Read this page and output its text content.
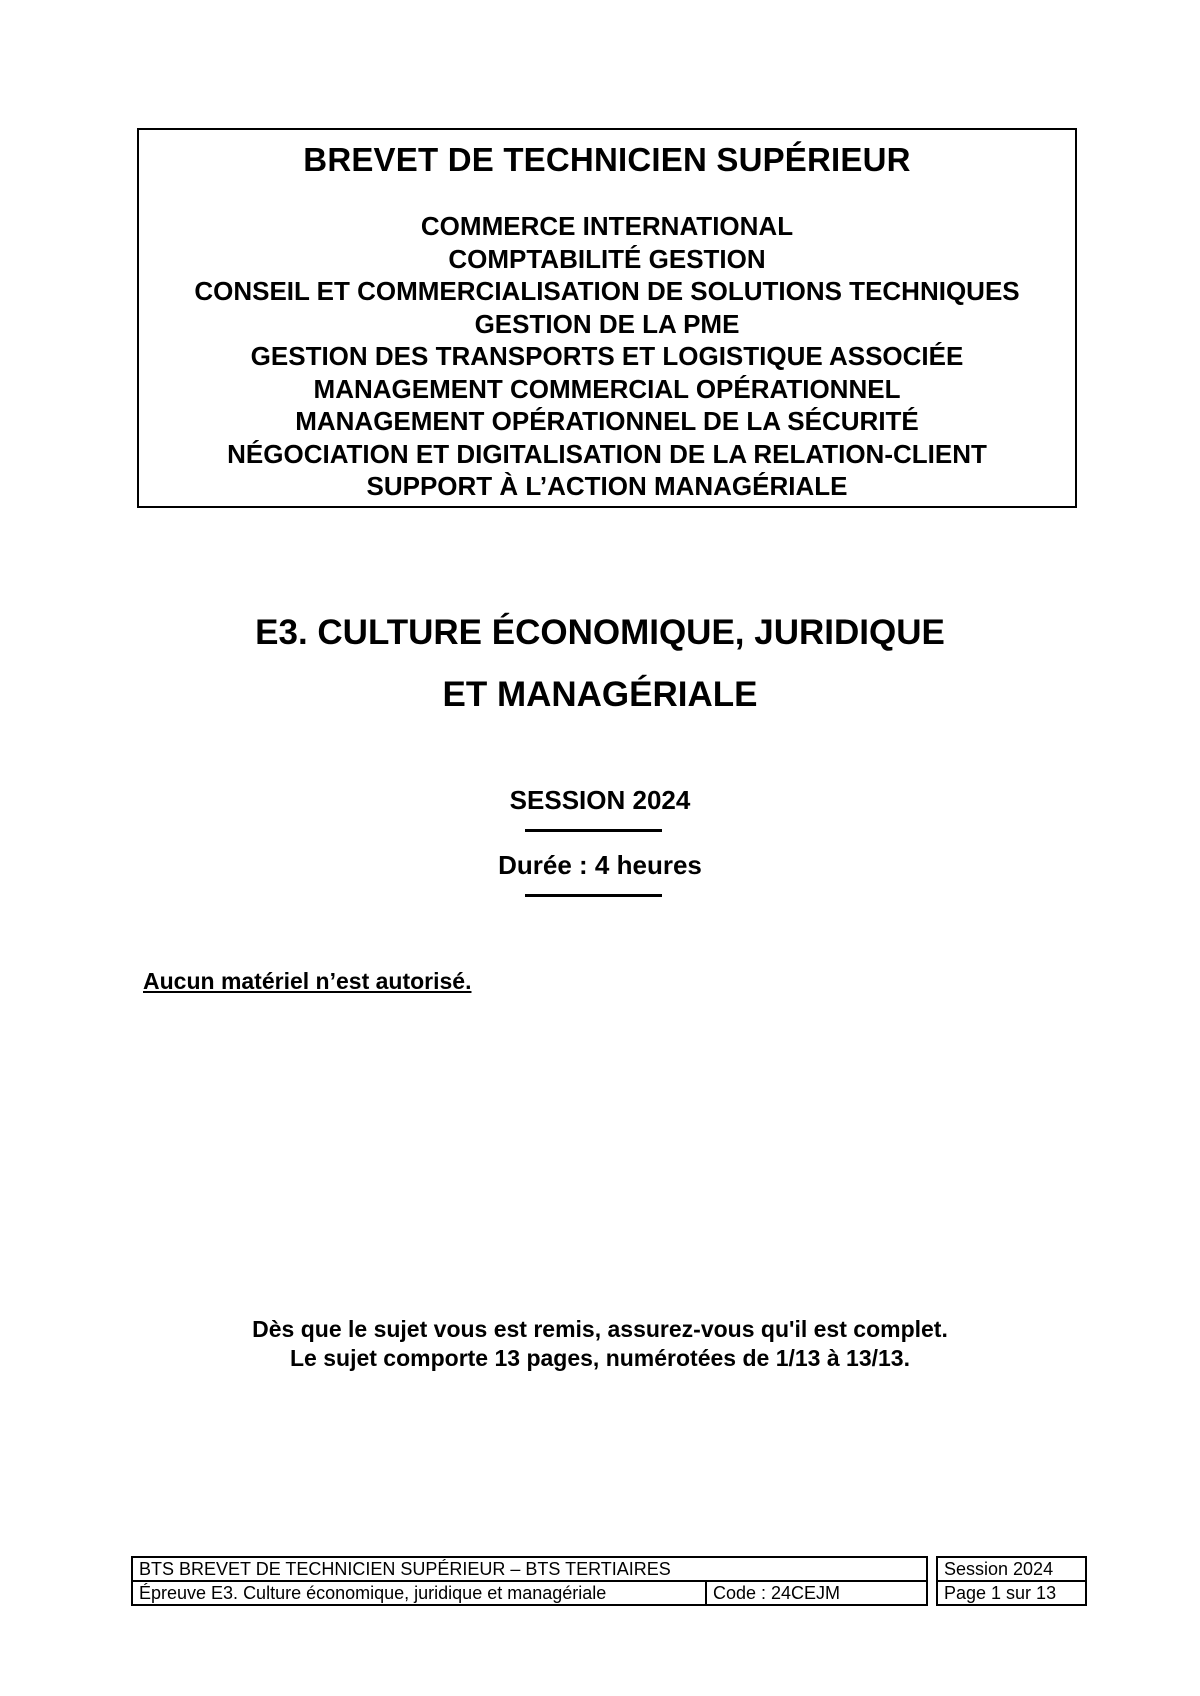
BREVET DE TECHNICIEN SUPÉRIEUR
COMMERCE INTERNATIONAL
COMPTABILITÉ GESTION
CONSEIL ET COMMERCIALISATION DE SOLUTIONS TECHNIQUES
GESTION DE LA PME
GESTION DES TRANSPORTS ET LOGISTIQUE ASSOCIÉE
MANAGEMENT COMMERCIAL OPÉRATIONNEL
MANAGEMENT OPÉRATIONNEL DE LA SÉCURITÉ
NÉGOCIATION ET DIGITALISATION DE LA RELATION-CLIENT
SUPPORT À L’ACTION MANAGÉRIALE
E3. CULTURE ÉCONOMIQUE, JURIDIQUE
ET MANAGÉRIALE
SESSION 2024
Durée : 4 heures
Aucun matériel n’est autorisé.
Dès que le sujet vous est remis, assurez-vous qu'il est complet.
Le sujet comporte 13 pages, numérotées de 1/13 à 13/13.
BTS BREVET DE TECHNICIEN SUPÉRIEUR – BTS TERTIAIRES			Session 2024
Épreuve E3. Culture économique, juridique et managériale	Code : 24CEJM		Page 1 sur 13
